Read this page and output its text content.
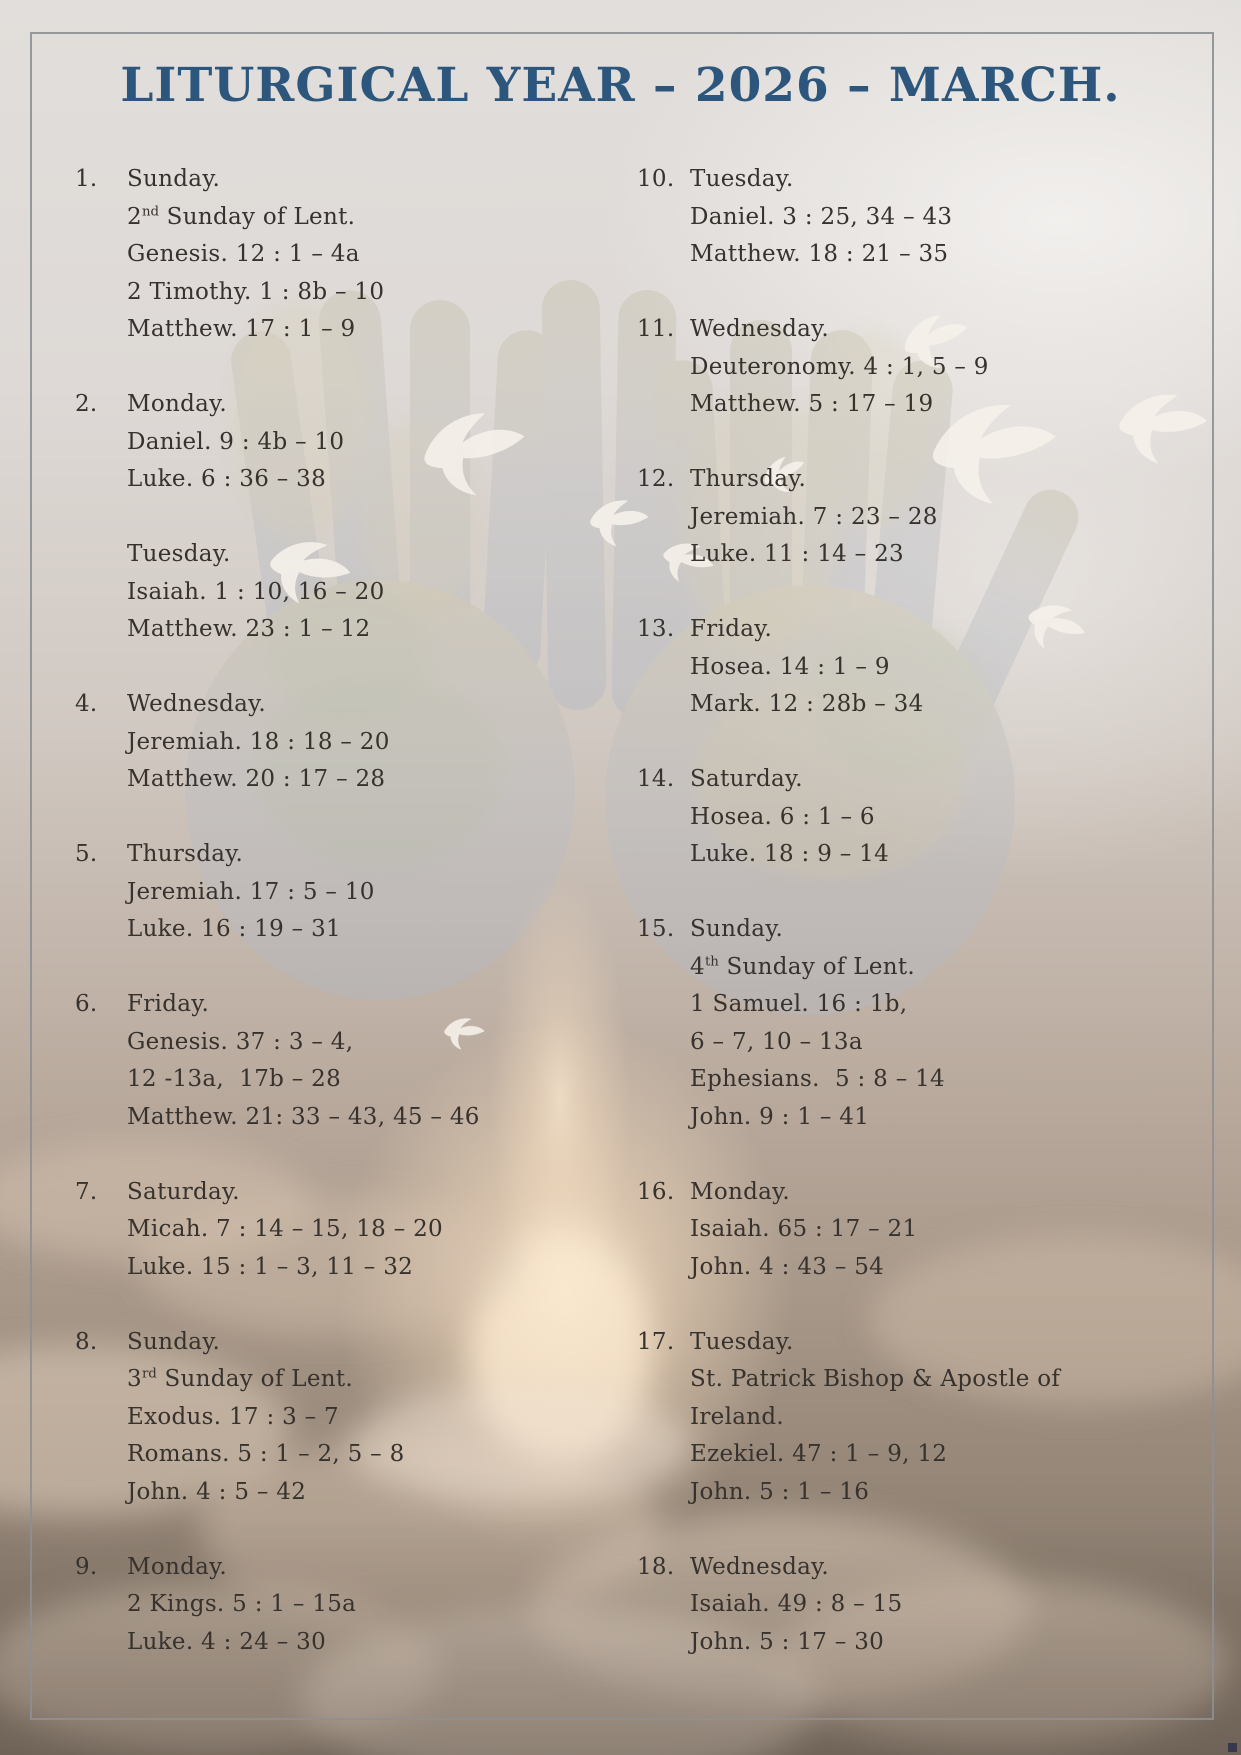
LITURGICAL YEAR – 2026 – MARCH.
1.	Sunday.
2nd Sunday of Lent.
Genesis. 12 : 1 – 4a
2 Timothy. 1 : 8b – 10
Matthew. 17 : 1 – 9
2.	Monday.
Daniel. 9 : 4b – 10
Luke. 6 : 36 – 38
Tuesday.
Isaiah. 1 : 10, 16 – 20
Matthew. 23 : 1 – 12
4.	Wednesday.
Jeremiah. 18 : 18 – 20
Matthew. 20 : 17 – 28
5.	Thursday.
Jeremiah. 17 : 5 – 10
Luke. 16 : 19 – 31
6.	Friday.
Genesis. 37 : 3 – 4,
12 -13a,  17b – 28
Matthew. 21: 33 – 43, 45 – 46
7.	Saturday.
Micah. 7 : 14 – 15, 18 – 20
Luke. 15 : 1 – 3, 11 – 32
8.	Sunday.
3rd Sunday of Lent.
Exodus. 17 : 3 – 7
Romans. 5 : 1 – 2, 5 – 8
John. 4 : 5 – 42
9.	Monday.
2 Kings. 5 : 1 – 15a
Luke. 4 : 24 – 30
10. Tuesday.
Daniel. 3 : 25, 34 – 43
Matthew. 18 : 21 – 35
11. Wednesday.
Deuteronomy. 4 : 1, 5 – 9
Matthew. 5 : 17 – 19
12. Thursday.
Jeremiah. 7 : 23 – 28
Luke. 11 : 14 – 23
13. Friday.
Hosea. 14 : 1 – 9
Mark. 12 : 28b – 34
14. Saturday.
Hosea. 6 : 1 – 6
Luke. 18 : 9 – 14
15. Sunday.
4th Sunday of Lent.
1 Samuel. 16 : 1b,
6 – 7, 10 – 13a
Ephesians.  5 : 8 – 14
John. 9 : 1 – 41
16. Monday.
Isaiah. 65 : 17 – 21
John. 4 : 43 – 54
17. Tuesday.
St. Patrick Bishop & Apostle of
Ireland.
Ezekiel. 47 : 1 – 9, 12
John. 5 : 1 – 16
18. Wednesday.
Isaiah. 49 : 8 – 15
John. 5 : 17 – 30
